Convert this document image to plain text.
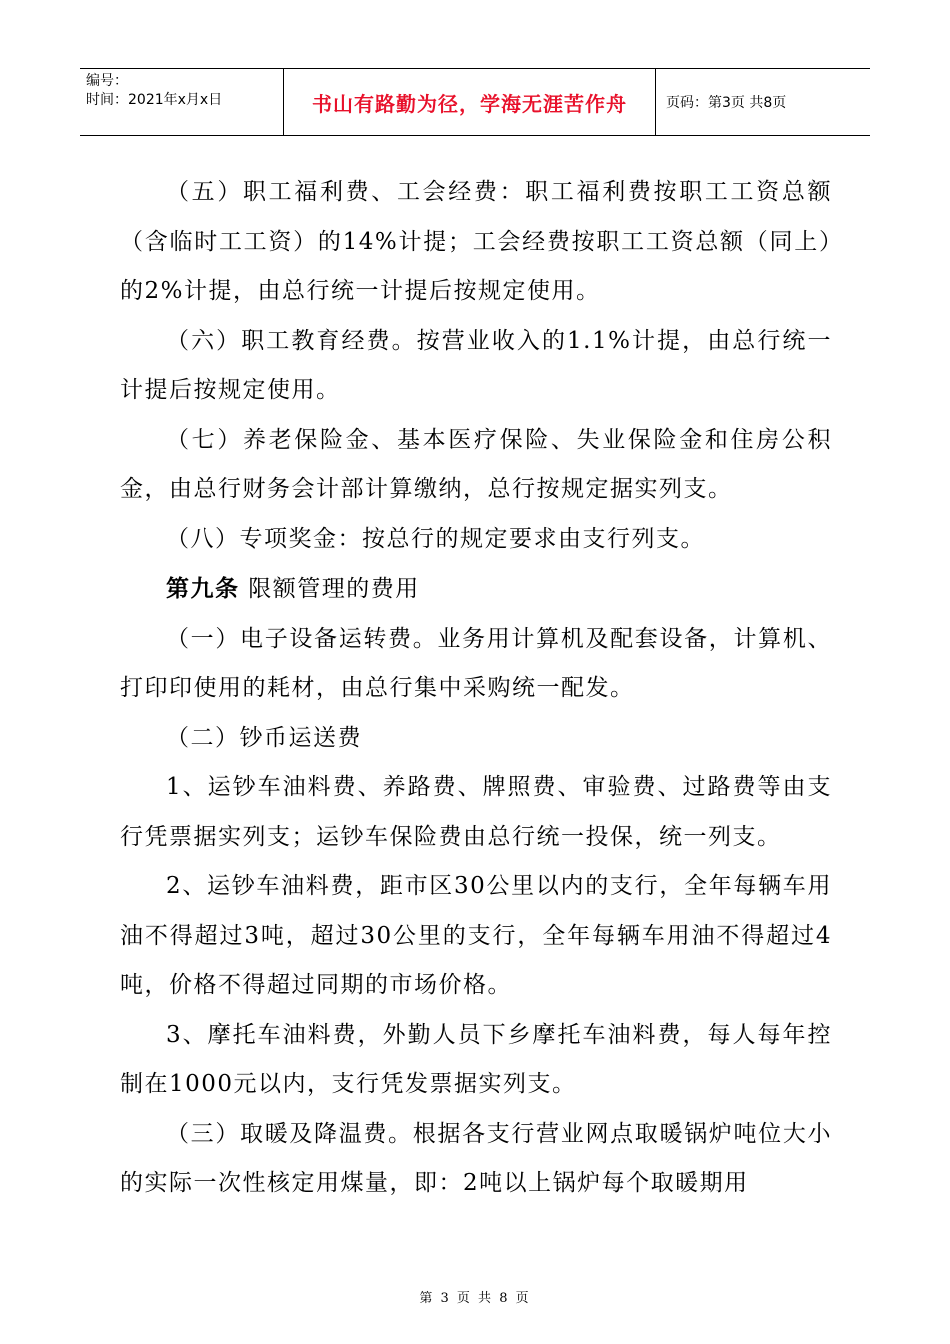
编号：
时间：2021年x月x日	书山有路勤为径，学海无涯苦作舟	页码：第3页 共8页

（五）职工福利费、工会经费：职工福利费按职工工资总额（含临时工工资）的14%计提；工会经费按职工工资总额（同上）的2%计提，由总行统一计提后按规定使用。

（六）职工教育经费。按营业收入的1.1%计提，由总行统一计提后按规定使用。

（七）养老保险金、基本医疗保险、失业保险金和住房公积金，由总行财务会计部计算缴纳，总行按规定据实列支。

（八）专项奖金：按总行的规定要求由支行列支。

第九条 限额管理的费用

（一）电子设备运转费。业务用计算机及配套设备，计算机、打印印使用的耗材，由总行集中采购统一配发。

（二）钞币运送费

1、运钞车油料费、养路费、牌照费、审验费、过路费等由支行凭票据实列支；运钞车保险费由总行统一投保，统一列支。

2、运钞车油料费，距市区30公里以内的支行，全年每辆车用油不得超过3吨，超过30公里的支行，全年每辆车用油不得超过4吨，价格不得超过同期的市场价格。

3、摩托车油料费，外勤人员下乡摩托车油料费，每人每年控制在1000元以内，支行凭发票据实列支。

（三）取暖及降温费。根据各支行营业网点取暖锅炉吨位大小的实际一次性核定用煤量，即：2吨以上锅炉每个取暖期用

第 3 页 共 8 页
